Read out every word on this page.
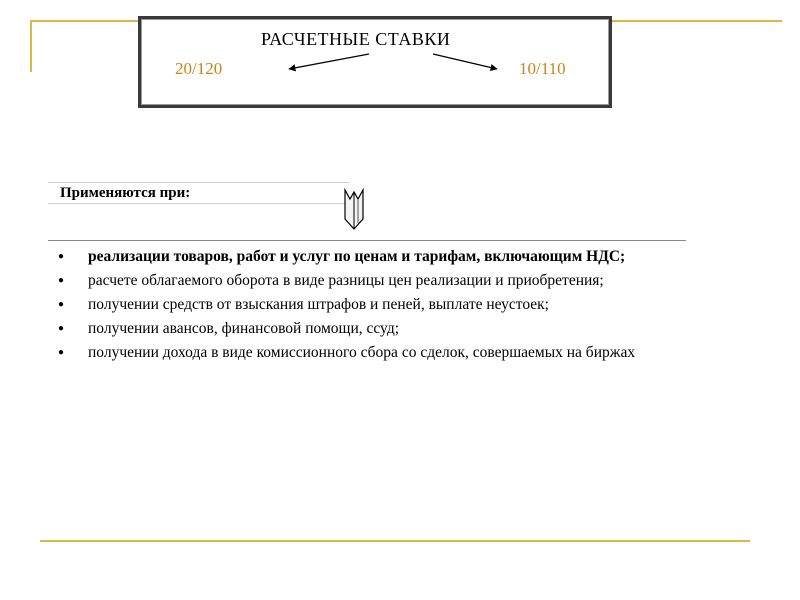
РАСЧЕТНЫЕ СТАВКИ
20/120	10/110
Применяются при:
● реализации товаров, работ и услуг по ценам и тарифам, включающим НДС;
● расчете облагаемого оборота в виде разницы цен реализации и приобретения;
● получении средств от взыскания штрафов и пеней, выплате неустоек;
● получении авансов, финансовой помощи, ссуд;
● получении дохода в виде комиссионного сбора со сделок, совершаемых на биржах
